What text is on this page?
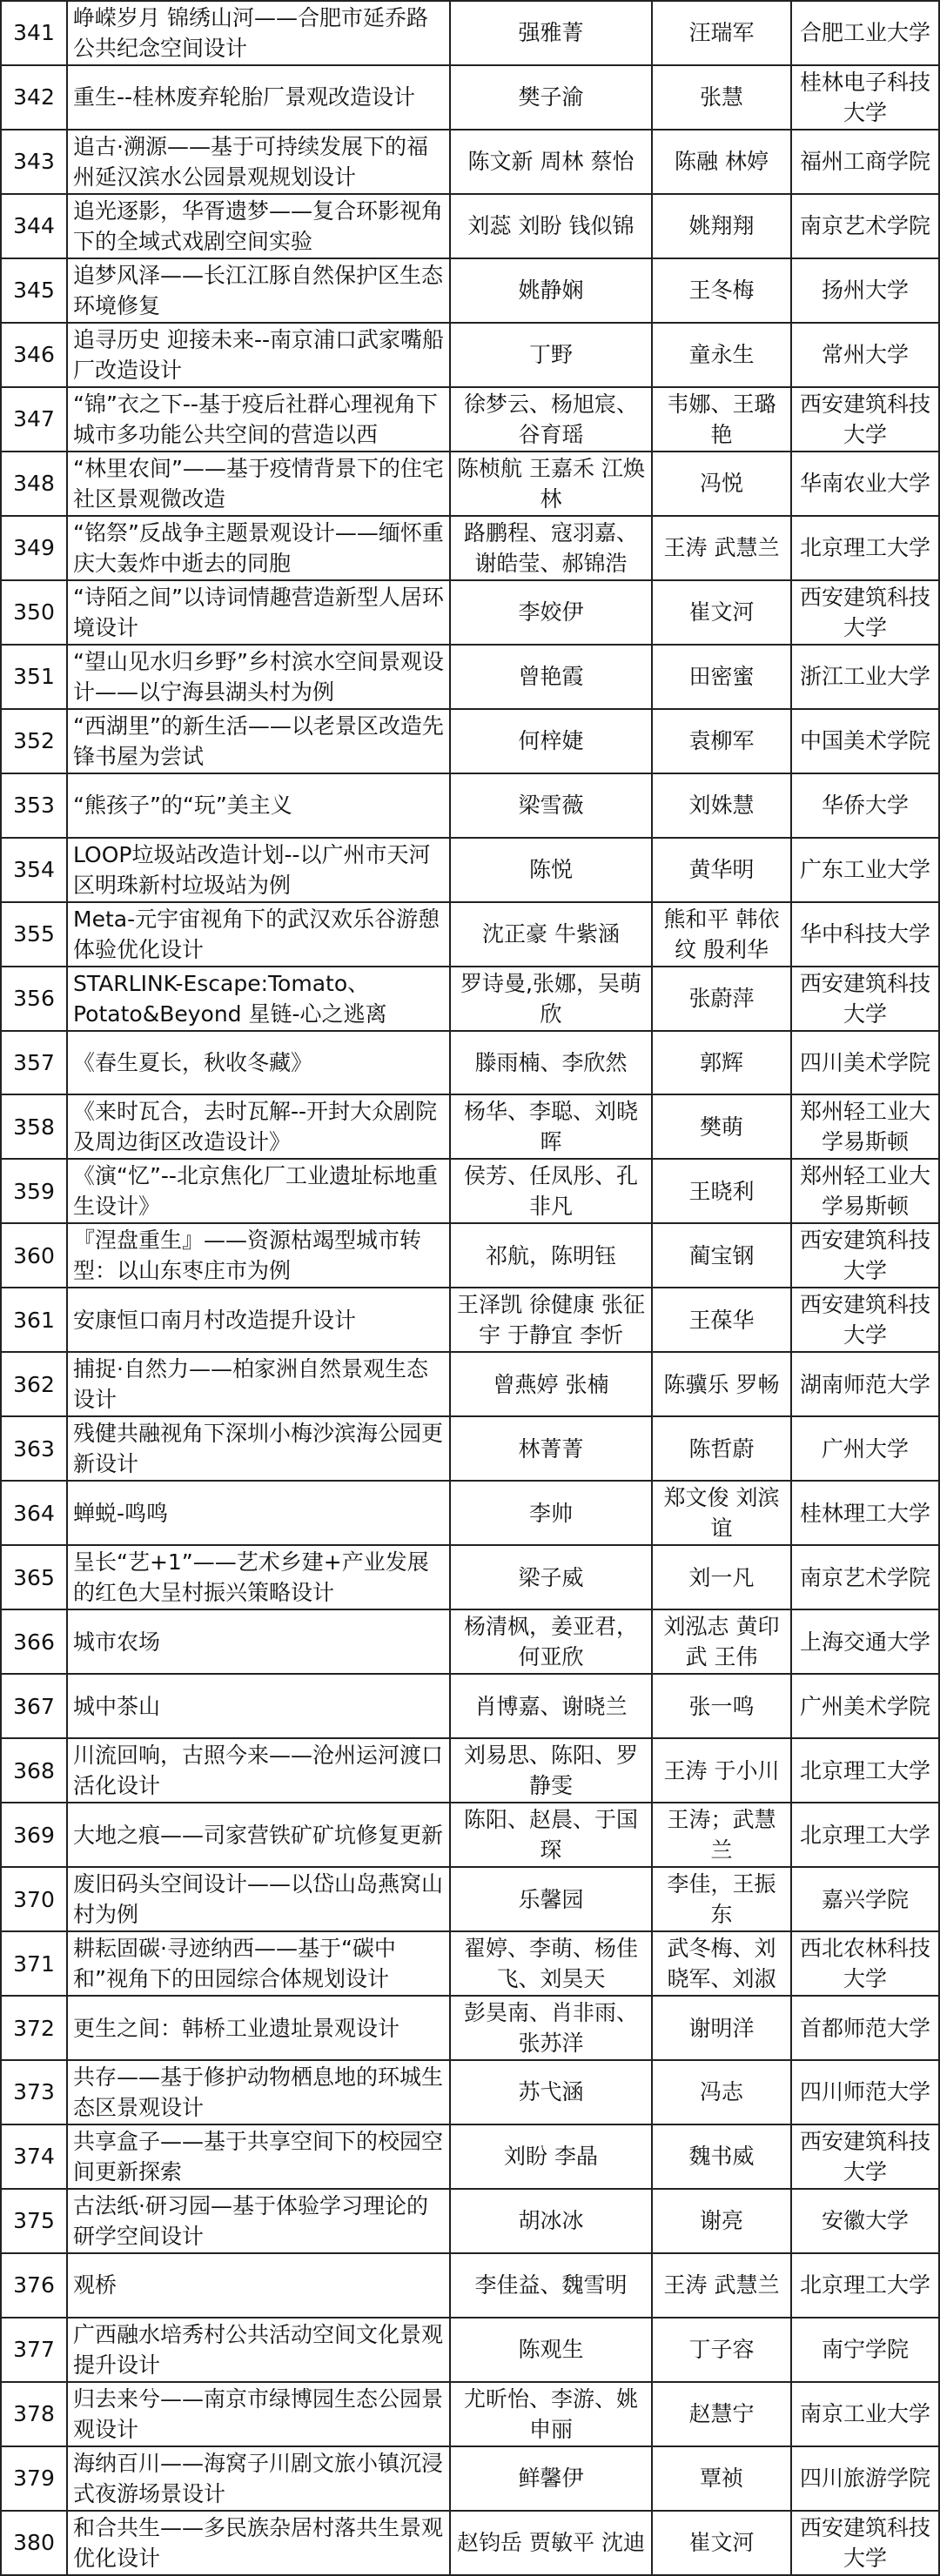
341	峥嵘岁月 锦绣山河——合肥市延乔路公共纪念空间设计	强雅菁	汪瑞军	合肥工业大学
342	重生--桂林废弃轮胎厂景观改造设计	樊子渝	张慧	桂林电子科技大学
343	追古·溯源——基于可持续发展下的福州延汉滨水公园景观规划设计	陈文新 周林 蔡怡	陈融 林婷	福州工商学院
344	追光逐影，华胥遗梦——复合环影视角下的全域式戏剧空间实验	刘蕊 刘盼 钱似锦	姚翔翔	南京艺术学院
345	追梦风泽——长江江豚自然保护区生态环境修复	姚静娴	王冬梅	扬州大学
346	追寻历史 迎接未来--南京浦口武家嘴船厂改造设计	丁野	童永生	常州大学
347	“锦”衣之下--基于疫后社群心理视角下城市多功能公共空间的营造以西	徐梦云、杨旭宸、谷育瑶	韦娜、王璐艳	西安建筑科技大学
348	“林里农间”——基于疫情背景下的住宅社区景观微改造	陈桢航 王嘉禾 江焕林	冯悦	华南农业大学
349	“铭祭”反战争主题景观设计——缅怀重庆大轰炸中逝去的同胞	路鹏程、寇羽嘉、谢皓莹、郝锦浩	王涛 武慧兰	北京理工大学
350	“诗陌之间”以诗词情趣营造新型人居环境设计	李姣伊	崔文河	西安建筑科技大学
351	“望山见水归乡野”乡村滨水空间景观设计——以宁海县湖头村为例	曾艳霞	田密蜜	浙江工业大学
352	“西湖里”的新生活——以老景区改造先锋书屋为尝试	何梓婕	袁柳军	中国美术学院
353	“熊孩子”的“玩”美主义	梁雪薇	刘姝慧	华侨大学
354	LOOP垃圾站改造计划--以广州市天河区明珠新村垃圾站为例	陈悦	黄华明	广东工业大学
355	Meta-元宇宙视角下的武汉欢乐谷游憩体验优化设计	沈正豪 牛紫涵	熊和平 韩依纹 殷利华	华中科技大学
356	STARLINK-Escape:Tomato、Potato&Beyond 星链-心之逃离	罗诗曼,张娜，吴萌欣	张蔚萍	西安建筑科技大学
357	《春生夏长，秋收冬藏》	滕雨楠、李欣然	郭辉	四川美术学院
358	《来时瓦合，去时瓦解--开封大众剧院及周边街区改造设计》	杨华、李聪、刘晓晖	樊萌	郑州轻工业大学易斯顿
359	《演“忆”--北京焦化厂工业遗址标地重生设计》	侯芳、任凤彤、孔非凡	王晓利	郑州轻工业大学易斯顿
360	『涅盘重生』——资源枯竭型城市转型：以山东枣庄市为例	祁航，陈明钰	蔺宝钢	西安建筑科技大学
361	安康恒口南月村改造提升设计	王泽凯 徐健康 张征宇 于静宜 李忻	王葆华	西安建筑科技大学
362	捕捉·自然力——柏家洲自然景观生态设计	曾燕婷 张楠	陈骥乐 罗畅	湖南师范大学
363	残健共融视角下深圳小梅沙滨海公园更新设计	林菁菁	陈哲蔚	广州大学
364	蝉蜕-鸣鸣	李帅	郑文俊 刘滨谊	桂林理工大学
365	呈长“艺+1”——艺术乡建+产业发展的红色大呈村振兴策略设计	梁子威	刘一凡	南京艺术学院
366	城市农场	杨清枫，姜亚君，何亚欣	刘泓志 黄印武 王伟	上海交通大学
367	城中茶山	肖博嘉、谢晓兰	张一鸣	广州美术学院
368	川流回响，古照今来——沧州运河渡口活化设计	刘易思、陈阳、罗静雯	王涛 于小川	北京理工大学
369	大地之痕——司家营铁矿矿坑修复更新	陈阳、赵晨、于国琛	王涛；武慧兰	北京理工大学
370	废旧码头空间设计——以岱山岛燕窝山村为例	乐馨园	李佳，王振东	嘉兴学院
371	耕耘固碳·寻迹纳西——基于“碳中和”视角下的田园综合体规划设计	翟婷、李萌、杨佳飞、刘昊天	武冬梅、刘晓军、刘淑	西北农林科技大学
372	更生之间：韩桥工业遗址景观设计	彭昊南、肖非雨、张苏洋	谢明洋	首都师范大学
373	共存——基于修护动物栖息地的环城生态区景观设计	苏弋涵	冯志	四川师范大学
374	共享盒子——基于共享空间下的校园空间更新探索	刘盼 李晶	魏书威	西安建筑科技大学
375	古法纸·研习园—基于体验学习理论的研学空间设计	胡冰冰	谢亮	安徽大学
376	观桥	李佳益、魏雪明	王涛 武慧兰	北京理工大学
377	广西融水培秀村公共活动空间文化景观提升设计	陈观生	丁子容	南宁学院
378	归去来兮——南京市绿博园生态公园景观设计	尤昕怡、李游、姚申丽	赵慧宁	南京工业大学
379	海纳百川——海窝子川剧文旅小镇沉浸式夜游场景设计	鲜馨伊	覃祯	四川旅游学院
380	和合共生——多民族杂居村落共生景观优化设计	赵钧岳 贾敏平 沈迪	崔文河	西安建筑科技大学
